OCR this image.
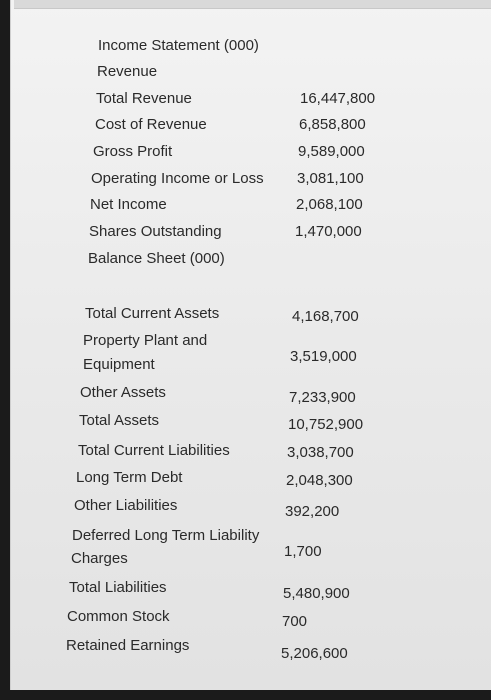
Income Statement (000)
Revenue
Total Revenue	16,447,800
Cost of Revenue	6,858,800
Gross Profit	9,589,000
Operating Income or Loss 3,081,100
Net Income	2,068,100
Shares Outstanding	1,470,000
Balance Sheet (000)
Total Current Assets	4,168,700
Property Plant and
Equipment	3,519,000
Other Assets	7,233,900
Total Assets	10,752,900
Total Current Liabilities	3,038,700
Long Term Debt	2,048,300
Other Liabilities	392,200
Deferred Long Term Liability
Charges	1,700
Total Liabilities	5,480,900
Common Stock	700
Retained Earnings	5,206,600
